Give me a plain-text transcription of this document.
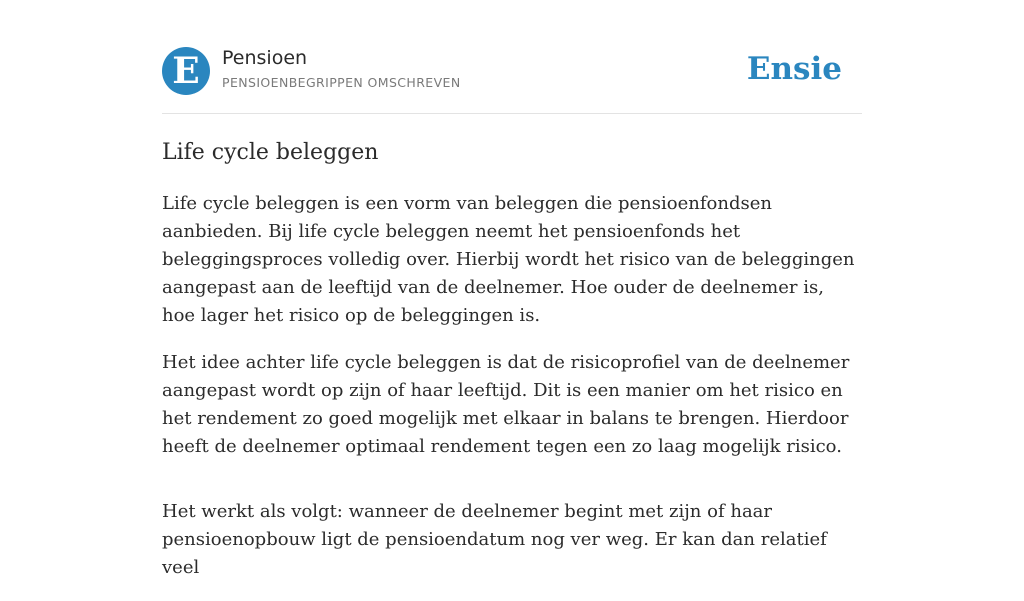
E	Pensioen
PENSIOENBEGRIPPEN OMSCHREVEN	Ensie
Life cycle beleggen

Life cycle beleggen is een vorm van beleggen die pensioenfondsen aanbieden. Bij life cycle beleggen neemt het pensioenfonds het beleggingsproces volledig over. Hierbij wordt het risico van de beleggingen aangepast aan de leeftijd van de deelnemer. Hoe ouder de deelnemer is, hoe lager het risico op de beleggingen is.

Het idee achter life cycle beleggen is dat de risicoprofiel van de deelnemer aangepast wordt op zijn of haar leeftijd. Dit is een manier om het risico en het rendement zo goed mogelijk met elkaar in balans te brengen. Hierdoor heeft de deelnemer optimaal rendement tegen een zo laag mogelijk risico.

Het werkt als volgt: wanneer de deelnemer begint met zijn of haar pensioenopbouw ligt de pensioendatum nog ver weg. Er kan dan relatief veel
